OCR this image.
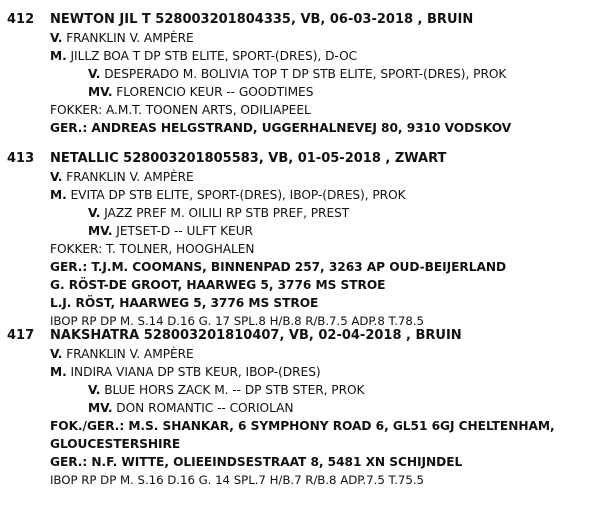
412 NEWTON JIL T 528003201804335, VB, 06-03-2018 , BRUIN
V. FRANKLIN V. AMPÈRE
M. JILLZ BOA T DP STB ELITE, SPORT-(DRES), D-OC
V. DESPERADO M. BOLIVIA TOP T DP STB ELITE, SPORT-(DRES), PROK
MV. FLORENCIO KEUR -- GOODTIMES
FOKKER: A.M.T. TOONEN ARTS, ODILIAPEEL
GER.: ANDREAS HELGSTRAND, UGGERHALNEVEJ 80, 9310 VODSKOV
413 NETALLIC 528003201805583, VB, 01-05-2018 , ZWART
V. FRANKLIN V. AMPÈRE
M. EVITA DP STB ELITE, SPORT-(DRES), IBOP-(DRES), PROK
V. JAZZ PREF M. OILILI RP STB PREF, PREST
MV. JETSET-D -- ULFT KEUR
FOKKER: T. TOLNER, HOOGHALEN
GER.: T.J.M. COOMANS, BINNENPAD 257, 3263 AP OUD-BEIJERLAND
G. RÖST-DE GROOT, HAARWEG 5, 3776 MS STROE
L.J. RÖST, HAARWEG 5, 3776 MS STROE
IBOP RP DP M. S.14 D.16 G. 17 SPL.8 H/B.8 R/B.7.5 ADP.8 T.78.5
417 NAKSHATRA 528003201810407, VB, 02-04-2018 , BRUIN
V. FRANKLIN V. AMPÈRE
M. INDIRA VIANA DP STB KEUR, IBOP-(DRES)
V. BLUE HORS ZACK M. -- DP STB STER, PROK
MV. DON ROMANTIC -- CORIOLAN
FOK./GER.: M.S. SHANKAR, 6 SYMPHONY ROAD 6, GL51 6GJ CHELTENHAM,
GLOUCESTERSHIRE
GER.: N.F. WITTE, OLIEEINDSESTRAAT 8, 5481 XN SCHIJNDEL
IBOP RP DP M. S.16 D.16 G. 14 SPL.7 H/B.7 R/B.8 ADP.7.5 T.75.5
